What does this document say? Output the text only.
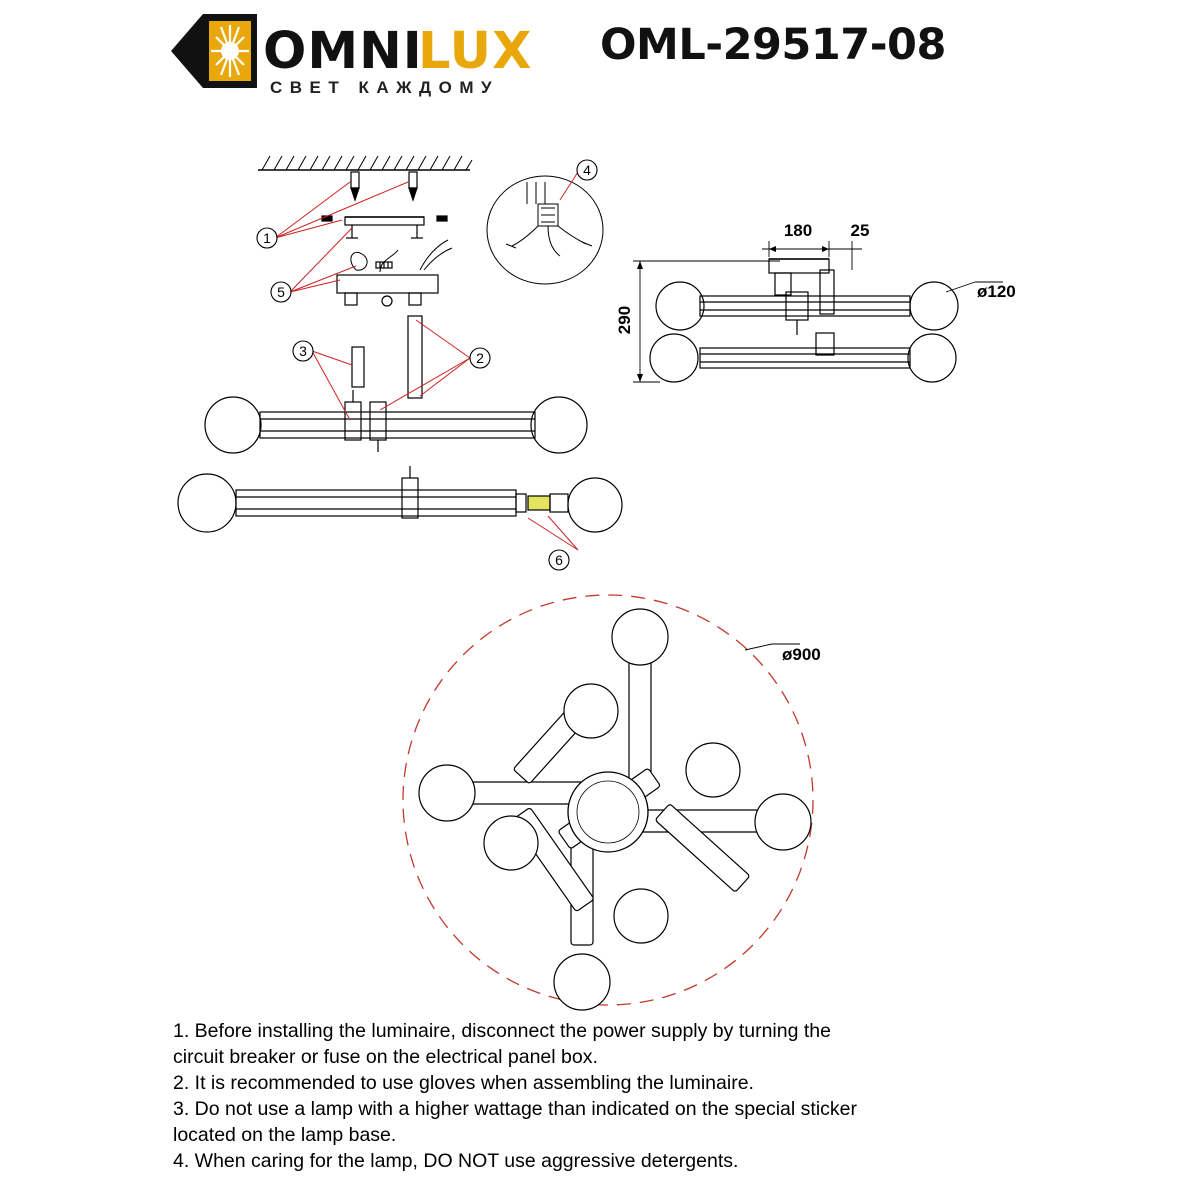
OMNI
LUX
СВЕТ КАЖДОМУ
OML-29517-08
1
5
3	2
4
6
180 25
290
ø120
ø900

1. Before installing the luminaire, disconnect the power supply by turning the

circuit breaker or fuse on the electrical panel box.

2. It is recommended to use gloves when assembling the luminaire.

3. Do not use a lamp with a higher wattage than indicated on the special sticker

located on the lamp base.

4. When caring for the lamp, DO NOT use aggressive detergents.
